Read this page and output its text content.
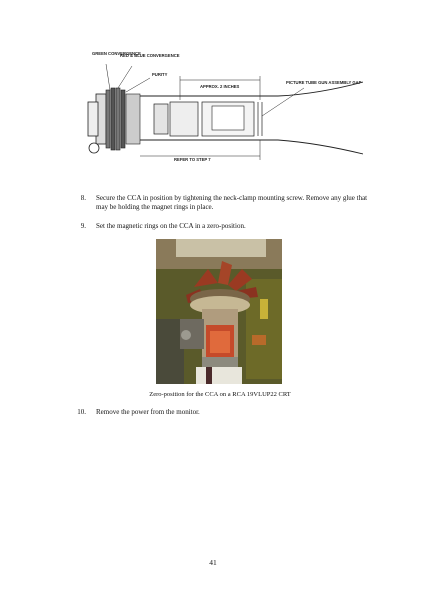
GREEN CONVERGENCE
RED & BLUE CONVERGENCE
PURITY
APPROX. 2 INCHES
PICTURE TUBE GUN ASSEMBLY GAP
REFER TO STEP 7
8. Secure the CCA in position by tightening the neck-clamp mounting screw. Remove any glue that may be holding the magnet rings in place.
9. Set the magnetic rings on the CCA in a zero-position.
Zero-position for the CCA on a RCA 19VLUP22 CRT
10. Remove the power from the monitor.
41
